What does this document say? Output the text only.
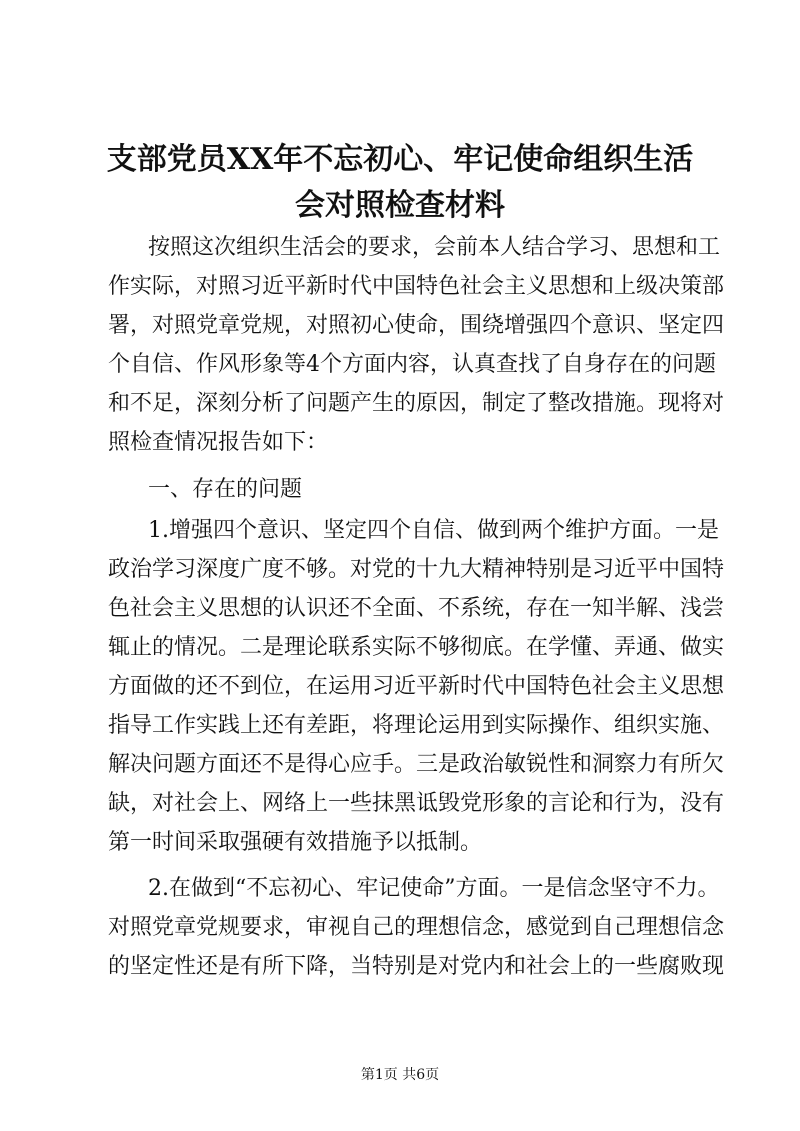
支部党员XX年不忘初心、牢记使命组织生活
会对照检查材料
按照这次组织生活会的要求，会前本人结合学习、思想和工
作实际，对照习近平新时代中国特色社会主义思想和上级决策部
署，对照党章党规，对照初心使命，围绕增强四个意识、坚定四
个自信、作风形象等4个方面内容，认真查找了自身存在的问题
和不足，深刻分析了问题产生的原因，制定了整改措施。现将对
照检查情况报告如下：
一、存在的问题
1.增强四个意识、坚定四个自信、做到两个维护方面。一是
政治学习深度广度不够。对党的十九大精神特别是习近平中国特
色社会主义思想的认识还不全面、不系统，存在一知半解、浅尝
辄止的情况。二是理论联系实际不够彻底。在学懂、弄通、做实
方面做的还不到位，在运用习近平新时代中国特色社会主义思想
指导工作实践上还有差距，将理论运用到实际操作、组织实施、
解决问题方面还不是得心应手。三是政治敏锐性和洞察力有所欠
缺，对社会上、网络上一些抹黑诋毁党形象的言论和行为，没有
第一时间采取强硬有效措施予以抵制。
2.在做到“不忘初心、牢记使命”方面。一是信念坚守不力。
对照党章党规要求，审视自己的理想信念，感觉到自己理想信念
的坚定性还是有所下降，当特别是对党内和社会上的一些腐败现
第1页 共6页
